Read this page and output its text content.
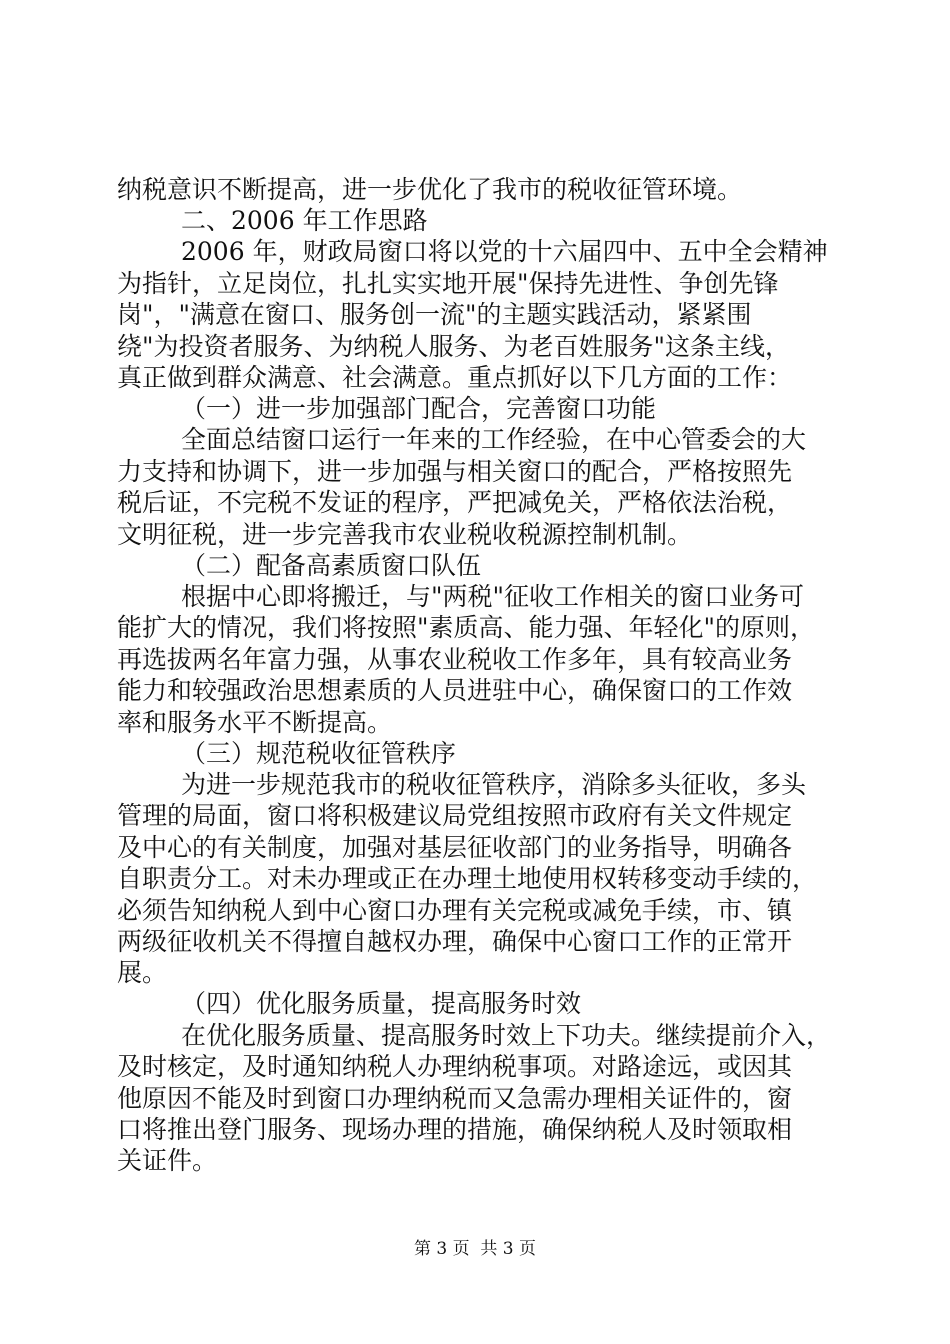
纳税意识不断提高，进一步优化了我市的税收征管环境。
二、2006 年工作思路
2006 年，财政局窗口将以党的十六届四中、五中全会精神
为指针，立足岗位，扎扎实实地开展"保持先进性、争创先锋
岗"，"满意在窗口、服务创一流"的主题实践活动，紧紧围
绕"为投资者服务、为纳税人服务、为老百姓服务"这条主线，
真正做到群众满意、社会满意。重点抓好以下几方面的工作：
（一）进一步加强部门配合，完善窗口功能
全面总结窗口运行一年来的工作经验，在中心管委会的大
力支持和协调下，进一步加强与相关窗口的配合，严格按照先
税后证，不完税不发证的程序，严把减免关，严格依法治税，
文明征税，进一步完善我市农业税收税源控制机制。
（二）配备高素质窗口队伍
根据中心即将搬迁，与"两税"征收工作相关的窗口业务可
能扩大的情况，我们将按照"素质高、能力强、年轻化"的原则，
再选拔两名年富力强，从事农业税收工作多年，具有较高业务
能力和较强政治思想素质的人员进驻中心，确保窗口的工作效
率和服务水平不断提高。
（三）规范税收征管秩序
为进一步规范我市的税收征管秩序，消除多头征收，多头
管理的局面，窗口将积极建议局党组按照市政府有关文件规定
及中心的有关制度，加强对基层征收部门的业务指导，明确各
自职责分工。对未办理或正在办理土地使用权转移变动手续的，
必须告知纳税人到中心窗口办理有关完税或减免手续，市、镇
两级征收机关不得擅自越权办理，确保中心窗口工作的正常开
展。
（四）优化服务质量，提高服务时效
在优化服务质量、提高服务时效上下功夫。继续提前介入，
及时核定，及时通知纳税人办理纳税事项。对路途远，或因其
他原因不能及时到窗口办理纳税而又急需办理相关证件的，窗
口将推出登门服务、现场办理的措施，确保纳税人及时领取相
关证件。
第 3 页  共 3 页
